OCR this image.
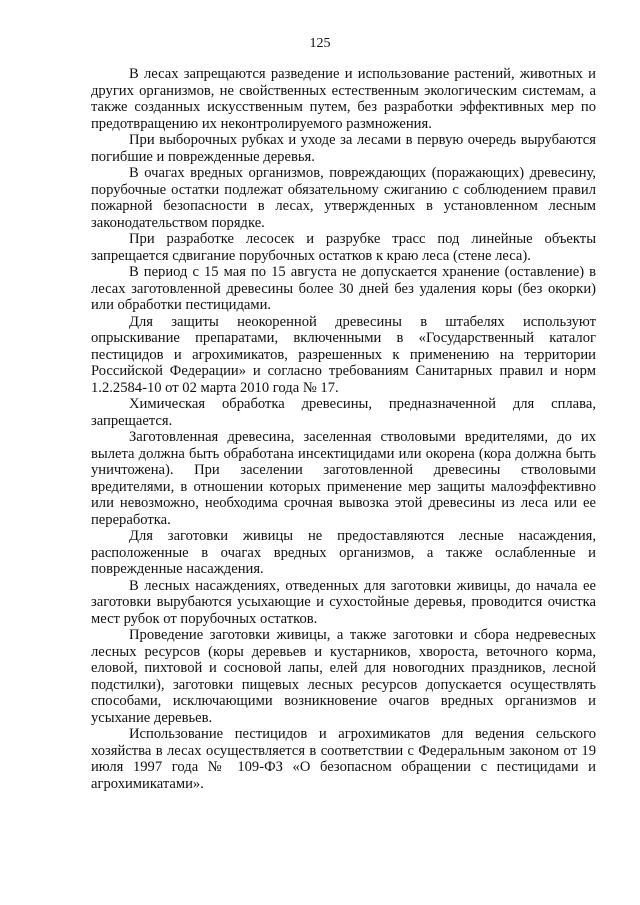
125

В лесах запрещаются разведение и использование растений, животных и других организмов, не свойственных естественным экологическим системам, а также созданных искусственным путем, без разработки эффективных мер по предотвращению их неконтролируемого размножения.

При выборочных рубках и уходе за лесами в первую очередь вырубаются погибшие и поврежденные деревья.

В очагах вредных организмов, повреждающих (поражающих) древесину, порубочные остатки подлежат обязательному сжиганию с соблюдением правил пожарной безопасности в лесах, утвержденных в установленном лесным законодательством порядке.

При разработке лесосек и разрубке трасс под линейные объекты запрещается сдвигание порубочных остатков к краю леса (стене леса).

В период с 15 мая по 15 августа не допускается хранение (оставление) в лесах заготовленной древесины более 30 дней без удаления коры (без окорки) или обработки пестицидами.

Для защиты неокоренной древесины в штабелях используют опрыскивание препаратами, включенными в «Государственный каталог пестицидов и агрохимикатов, разрешенных к применению на территории Российской Федерации» и согласно требованиям Санитарных правил и норм 1.2.2584-10 от 02 марта 2010 года № 17.

Химическая обработка древесины, предназначенной для сплава, запрещается.

Заготовленная древесина, заселенная стволовыми вредителями, до их вылета должна быть обработана инсектицидами или окорена (кора должна быть уничтожена). При заселении заготовленной древесины стволовыми вредителями, в отношении которых применение мер защиты малоэффективно или невозможно, необходима срочная вывозка этой древесины из леса или ее переработка.

Для заготовки живицы не предоставляются лесные насаждения, расположенные в очагах вредных организмов, а также ослабленные и поврежденные насаждения.

В лесных насаждениях, отведенных для заготовки живицы, до начала ее заготовки вырубаются усыхающие и сухостойные деревья, проводится очистка мест рубок от порубочных остатков.

Проведение заготовки живицы, а также заготовки и сбора недревесных лесных ресурсов (коры деревьев и кустарников, хвороста, веточного корма, еловой, пихтовой и сосновой лапы, елей для новогодних праздников, лесной подстилки), заготовки пищевых лесных ресурсов допускается осуществлять способами, исключающими возникновение очагов вредных организмов и усыхание деревьев.

Использование пестицидов и агрохимикатов для ведения сельского хозяйства в лесах осуществляется в соответствии с Федеральным законом от 19 июля 1997 года № 109-ФЗ «О безопасном обращении с пестицидами и агрохимикатами».
